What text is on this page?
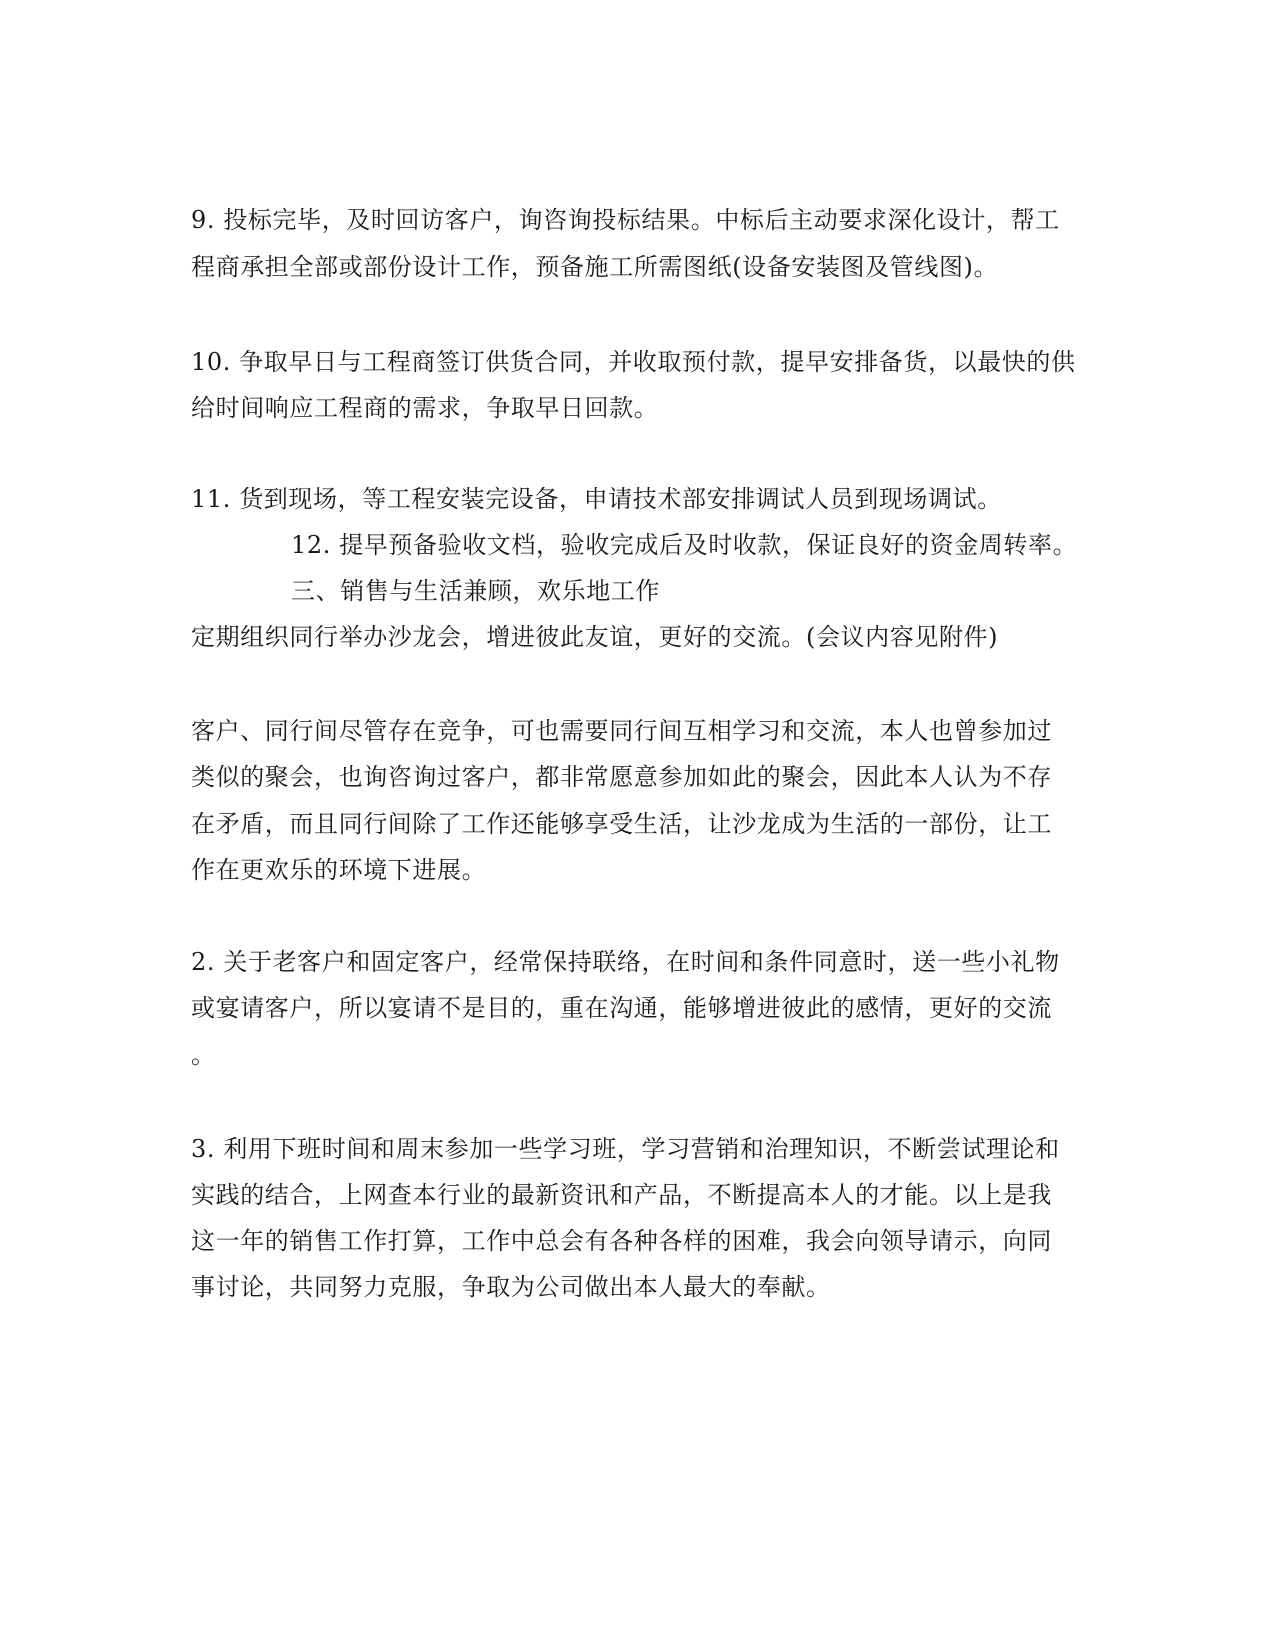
9. 投标完毕，及时回访客户，询咨询投标结果。中标后主动要求深化设计，帮工
程商承担全部或部份设计工作，预备施工所需图纸(设备安装图及管线图)。
10. 争取早日与工程商签订供货合同，并收取预付款，提早安排备货，以最快的供
给时间响应工程商的需求，争取早日回款。
11. 货到现场，等工程安装完设备，申请技术部安排调试人员到现场调试。
12. 提早预备验收文档，验收完成后及时收款，保证良好的资金周转率。
三、销售与生活兼顾，欢乐地工作
定期组织同行举办沙龙会，增进彼此友谊，更好的交流。(会议内容见附件)
客户、同行间尽管存在竞争，可也需要同行间互相学习和交流，本人也曾参加过
类似的聚会，也询咨询过客户，都非常愿意参加如此的聚会，因此本人认为不存
在矛盾，而且同行间除了工作还能够享受生活，让沙龙成为生活的一部份，让工
作在更欢乐的环境下进展。
2. 关于老客户和固定客户，经常保持联络，在时间和条件同意时，送一些小礼物
或宴请客户，所以宴请不是目的，重在沟通，能够增进彼此的感情，更好的交流
。
3. 利用下班时间和周末参加一些学习班，学习营销和治理知识，不断尝试理论和
实践的结合，上网查本行业的最新资讯和产品，不断提高本人的才能。以上是我
这一年的销售工作打算，工作中总会有各种各样的困难，我会向领导请示，向同
事讨论，共同努力克服，争取为公司做出本人最大的奉献。
